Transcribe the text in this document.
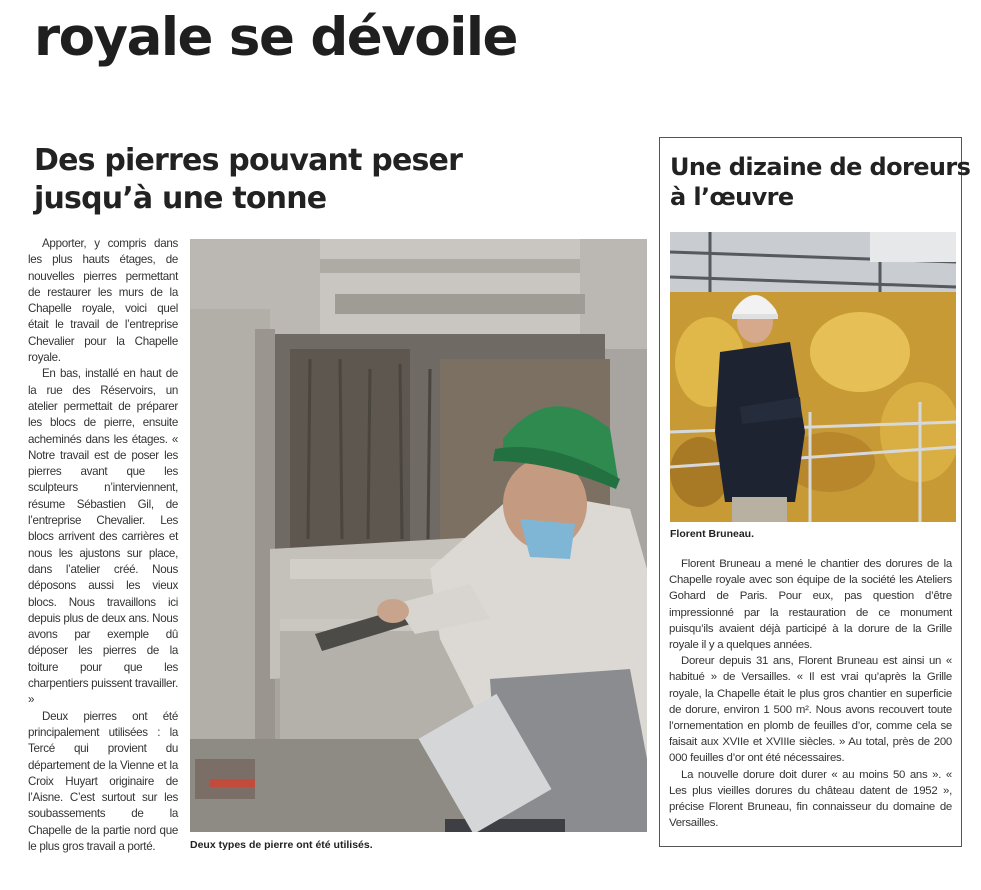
royale se dévoile
Des pierres pouvant peser
jusqu’à une tonne

Apporter, y compris dans les plus hauts étages, de nouvelles pierres permettant de restaurer les murs de la Chapelle royale, voici quel était le travail de l’entreprise Chevalier pour la Chapelle royale.

En bas, installé en haut de la rue des Réservoirs, un atelier permettait de préparer les blocs de pierre, ensuite acheminés dans les étages. « Notre travail est de poser les pierres avant que les sculpteurs n’interviennent, résume Sébastien Gil, de l’entreprise Chevalier. Les blocs arrivent des carrières et nous les ajustons sur place, dans l’atelier créé. Nous déposons aussi les vieux blocs. Nous travaillons ici depuis plus de deux ans. Nous avons par exemple dû déposer les pierres de la toiture pour que les charpentiers puissent travailler. »

Deux pierres ont été principalement utilisées : la Tercé qui provient du département de la Vienne et la Croix Huyart originaire de l’Aisne. C’est surtout sur les soubassements de la Chapelle de la partie nord que le plus gros travail a porté.	Deux types de pierre ont été utilisés.

Une dizaine de doreurs
à l’œuvre

Florent Bruneau.

Florent Bruneau a mené le chantier des dorures de la Chapelle royale avec son équipe de la société les Ateliers Gohard de Paris. Pour eux, pas question d’être impressionné par la restauration de ce monument puisqu’ils avaient déjà participé à la dorure de la Grille royale il y a quelques années.

Doreur depuis 31 ans, Florent Bruneau est ainsi un « habitué » de Versailles. « Il est vrai qu’après la Grille royale, la Chapelle était le plus gros chantier en superficie de dorure, environ 1 500 m². Nous avons recouvert toute l’ornementation en plomb de feuilles d’or, comme cela se faisait aux XVIIe et XVIIIe siècles. » Au total, près de 200 000 feuilles d’or ont été nécessaires.

La nouvelle dorure doit durer « au moins 50 ans ». « Les plus vieilles dorures du château datent de 1952 », précise Florent Bruneau, fin connaisseur du domaine de Versailles.
